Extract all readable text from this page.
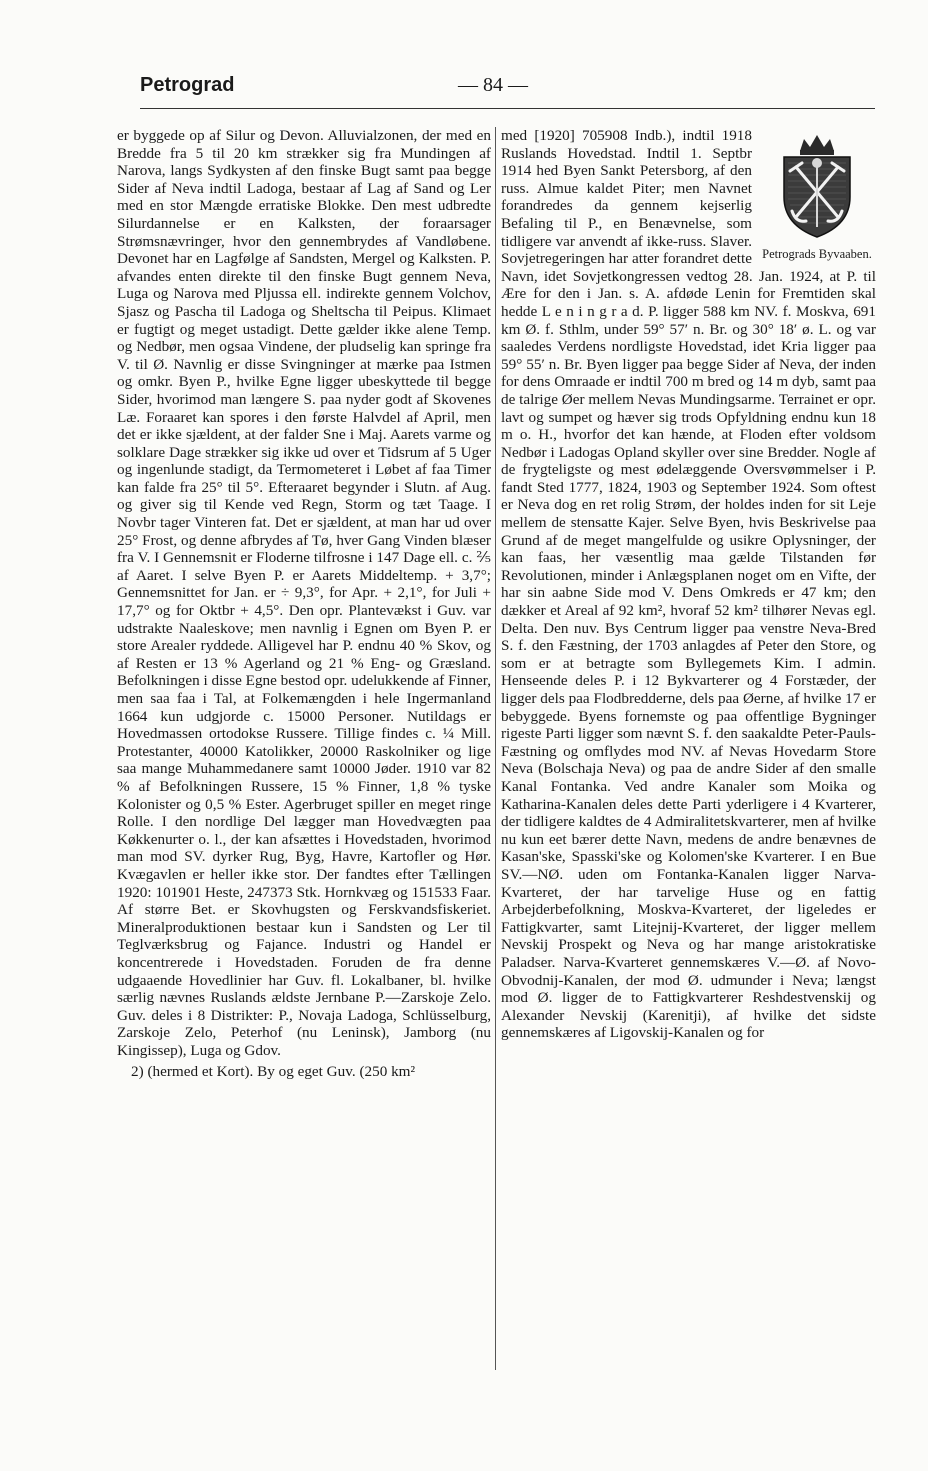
Petrograd	— 84 —

er byggede op af Silur og Devon. Alluvialzonen, der med en Bredde fra 5 til 20 km strækker sig fra Mundingen af Narova, langs Sydkysten af den finske Bugt samt paa begge Sider af Neva indtil Ladoga, bestaar af Lag af Sand og Ler med en stor Mængde erratiske Blokke. Den mest udbredte Silurdannelse er en Kalksten, der foraarsager Strømsnævringer, hvor den gennembrydes af Vandløbene. Devonet har en Lagfølge af Sandsten, Mergel og Kalksten. P. afvandes enten direkte til den finske Bugt gennem Neva, Luga og Narova med Pljussa ell. indirekte gennem Volchov, Sjasz og Pascha til Ladoga og Sheltscha til Peipus. Klimaet er fugtigt og meget ustadigt. Dette gælder ikke alene Temp. og Nedbør, men ogsaa Vindene, der pludselig kan springe fra V. til Ø. Navnlig er disse Svingninger at mærke paa Istmen og omkr. Byen P., hvilke Egne ligger ubeskyttede til begge Sider, hvorimod man længere S. paa nyder godt af Skovenes Læ. Foraaret kan spores i den første Halvdel af April, men det er ikke sjældent, at der falder Sne i Maj. Aarets varme og solklare Dage strækker sig ikke ud over et Tidsrum af 5 Uger og ingenlunde stadigt, da Termometeret i Løbet af faa Timer kan falde fra 25° til 5°. Efteraaret begynder i Slutn. af Aug. og giver sig til Kende ved Regn, Storm og tæt Taage. I Novbr tager Vinteren fat. Det er sjældent, at man har ud over 25° Frost, og denne afbrydes af Tø, hver Gang Vinden blæser fra V. I Gennemsnit er Floderne tilfrosne i 147 Dage ell. c. ⅖ af Aaret. I selve Byen P. er Aarets Middeltemp. + 3,7°; Gennemsnittet for Jan. er ÷ 9,3°, for Apr. + 2,1°, for Juli + 17,7° og for Oktbr + 4,5°. Den opr. Plantevækst i Guv. var udstrakte Naaleskove; men navnlig i Egnen om Byen P. er store Arealer ryddede. Alligevel har P. endnu 40 % Skov, og af Resten er 13 % Agerland og 21 % Eng- og Græsland. Befolkningen i disse Egne bestod opr. udelukkende af Finner, men saa faa i Tal, at Folkemængden i hele Ingermanland 1664 kun udgjorde c. 15000 Personer. Nutildags er Hovedmassen ortodokse Russere. Tillige findes c. ¼ Mill. Protestanter, 40000 Katolikker, 20000 Raskolniker og lige saa mange Muhammedanere samt 10000 Jøder. 1910 var 82 % af Befolkningen Russere, 15 % Finner, 1,8 % tyske Kolonister og 0,5 % Ester. Agerbruget spiller en meget ringe Rolle. I den nordlige Del lægger man Hovedvægten paa Køkkenurter o. l., der kan afsættes i Hovedstaden, hvorimod man mod SV. dyrker Rug, Byg, Havre, Kartofler og Hør. Kvægavlen er heller ikke stor. Der fandtes efter Tællingen 1920: 101901 Heste, 247373 Stk. Hornkvæg og 151533 Faar. Af større Bet. er Skovhugsten og Ferskvandsfiskeriet. Mineralproduktionen bestaar kun i Sandsten og Ler til Teglværksbrug og Fajance. Industri og Handel er koncentrerede i Hovedstaden. Foruden de fra denne udgaaende Hovedlinier har Guv. fl. Lokalbaner, bl. hvilke særlig nævnes Ruslands ældste Jernbane P.—Zarskoje Zelo. Guv. deles i 8 Distrikter: P., Novaja Ladoga, Schlüsselburg, Zarskoje Zelo, Peterhof (nu Leninsk), Jamborg (nu Kingissep), Luga og Gdov.

2) (hermed et Kort). By og eget Guv. (250 km²

Petrograds Byvaaben.

med [1920] 705908 Indb.), indtil 1918 Ruslands Hovedstad. Indtil 1. Septbr 1914 hed Byen Sankt Petersborg, af den russ. Almue kaldet Piter; men Navnet forandredes da gennem kejserlig Befaling til P., en Benævnelse, som tidligere var anvendt af ikke-russ. Slaver. Sovjetregeringen har atter forandret dette Navn, idet Sovjetkongressen vedtog 28. Jan. 1924, at P. til Ære for den i Jan. s. A. afdøde Lenin for Fremtiden skal hedde L e n i n g r a d. P. ligger 588 km NV. f. Moskva, 691 km Ø. f. Sthlm, under 59° 57′ n. Br. og 30° 18′ ø. L. og var saaledes Verdens nordligste Hovedstad, idet Kria ligger paa 59° 55′ n. Br. Byen ligger paa begge Sider af Neva, der inden for dens Omraade er indtil 700 m bred og 14 m dyb, samt paa de talrige Øer mellem Nevas Mundingsarme. Terrainet er opr. lavt og sumpet og hæver sig trods Opfyldning endnu kun 18 m o. H., hvorfor det kan hænde, at Floden efter voldsom Nedbør i Ladogas Opland skyller over sine Bredder. Nogle af de frygteligste og mest ødelæggende Oversvømmelser i P. fandt Sted 1777, 1824, 1903 og September 1924. Som oftest er Neva dog en ret rolig Strøm, der holdes inden for sit Leje mellem de stensatte Kajer. Selve Byen, hvis Beskrivelse paa Grund af de meget mangelfulde og usikre Oplysninger, der kan faas, her væsentlig maa gælde Tilstanden før Revolutionen, minder i Anlægsplanen noget om en Vifte, der har sin aabne Side mod V. Dens Omkreds er 47 km; den dækker et Areal af 92 km², hvoraf 52 km² tilhører Nevas egl. Delta. Den nuv. Bys Centrum ligger paa venstre Neva-Bred S. f. den Fæstning, der 1703 anlagdes af Peter den Store, og som er at betragte som Byllegemets Kim. I admin. Henseende deles P. i 12 Bykvarterer og 4 Forstæder, der ligger dels paa Flodbredderne, dels paa Øerne, af hvilke 17 er bebyggede. Byens fornemste og paa offentlige Bygninger rigeste Parti ligger som nævnt S. f. den saakaldte Peter-Pauls-Fæstning og omflydes mod NV. af Nevas Hovedarm Store Neva (Bolschaja Neva) og paa de andre Sider af den smalle Kanal Fontanka. Ved andre Kanaler som Moika og Katharina-Kanalen deles dette Parti yderligere i 4 Kvarterer, der tidligere kaldtes de 4 Admiralitetskvarterer, men af hvilke nu kun eet bærer dette Navn, medens de andre benævnes de Kasan'ske, Spasski'ske og Kolomen'ske Kvarterer. I en Bue SV.—NØ. uden om Fontanka-Kanalen ligger Narva-Kvarteret, der har tarvelige Huse og en fattig Arbejderbefolkning, Moskva-Kvarteret, der ligeledes er Fattigkvarter, samt Litejnij-Kvarteret, der ligger mellem Nevskij Prospekt og Neva og har mange aristokratiske Paladser. Narva-Kvarteret gennemskæres V.—Ø. af Novo-Obvodnij-Kanalen, der mod Ø. udmunder i Neva; længst mod Ø. ligger de to Fattigkvarterer Reshdestvenskij og Alexander Nevskij (Karenitji), af hvilke det sidste gennemskæres af Ligovskij-Kanalen og for
